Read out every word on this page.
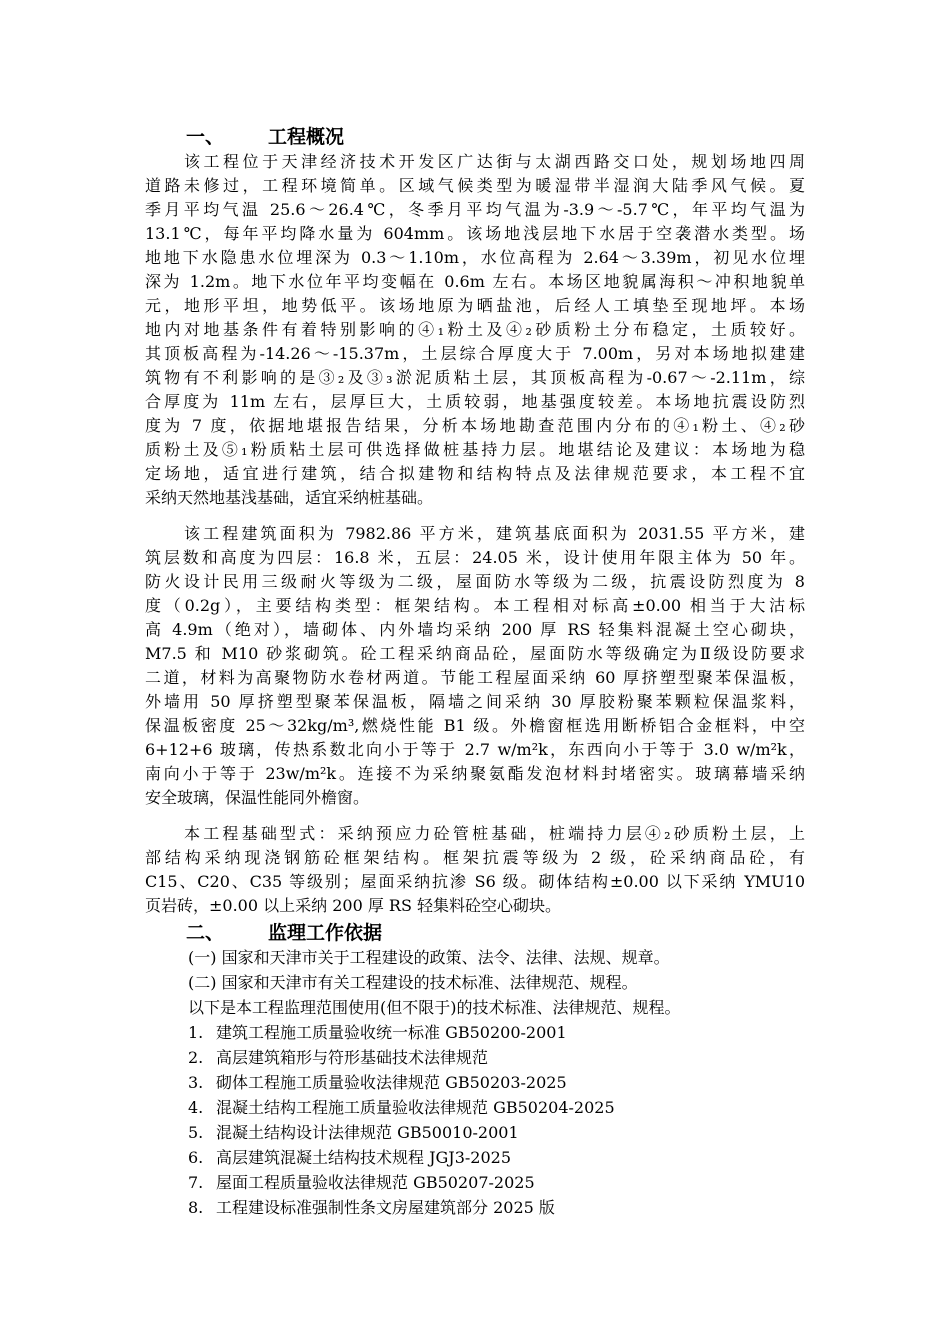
一、 工程概况
该工程位于天津经济技术开发区广达街与太湖西路交口处，规划场地四周
道路未修过，工程环境简单。区域气候类型为暖湿带半湿润大陆季风气候。夏
季月平均气温 25.6～26.4℃，冬季月平均气温为-3.9～-5.7℃，年平均气温为
13.1℃，每年平均降水量为 604mm。该场地浅层地下水居于空袭潜水类型。场
地地下水隐患水位埋深为 0.3～1.10m，水位高程为 2.64～3.39m，初见水位埋
深为 1.2m。地下水位年平均变幅在 0.6m 左右。本场区地貌属海积～冲积地貌单
元，地形平坦，地势低平。该场地原为晒盐池，后经人工填垫至现地坪。本场
地内对地基条件有着特别影响的④₁粉土及④₂砂质粉土分布稳定，土质较好。
其顶板高程为-14.26～-15.37m，土层综合厚度大于 7.00m，另对本场地拟建建
筑物有不利影响的是③₂及③₃淤泥质粘土层，其顶板高程为-0.67～-2.11m，综
合厚度为 11m 左右，层厚巨大，土质较弱，地基强度较差。本场地抗震设防烈
度为 7 度，依据地堪报告结果，分析本场地勘查范围内分布的④₁粉土、④₂砂
质粉土及⑤₁粉质粘土层可供选择做桩基持力层。地堪结论及建议：本场地为稳
定场地，适宜进行建筑，结合拟建物和结构特点及法律规范要求，本工程不宜
采纳天然地基浅基础，适宜采纳桩基础。
该工程建筑面积为 7982.86 平方米，建筑基底面积为 2031.55 平方米，建
筑层数和高度为四层：16.8 米，五层：24.05 米，设计使用年限主体为 50 年。
防火设计民用三级耐火等级为二级，屋面防水等级为二级，抗震设防烈度为 8
度（0.2g），主要结构类型：框架结构。本工程相对标高±0.00 相当于大沽标
高 4.9m（绝对），墙砌体、内外墙均采纳 200 厚 RS 轻集料混凝土空心砌块，
M7.5 和 M10 砂浆砌筑。砼工程采纳商品砼，屋面防水等级确定为Ⅱ级设防要求
二道，材料为高聚物防水卷材两道。节能工程屋面采纳 60 厚挤塑型聚苯保温板，
外墙用 50 厚挤塑型聚苯保温板，隔墙之间采纳 30 厚胶粉聚苯颗粒保温浆料，
保温板密度 25～32kg/m³,燃烧性能 B1 级。外檐窗框选用断桥铝合金框料，中空
6+12+6 玻璃，传热系数北向小于等于 2.7 w/m²k，东西向小于等于 3.0 w/m²k，
南向小于等于 23w/m²k。连接不为采纳聚氨酯发泡材料封堵密实。玻璃幕墙采纳
安全玻璃，保温性能同外檐窗。
本工程基础型式：采纳预应力砼管桩基础，桩端持力层④₂砂质粉土层，上
部结构采纳现浇钢筋砼框架结构。框架抗震等级为 2 级，砼采纳商品砼，有
C15、C20、C35 等级别；屋面采纳抗渗 S6 级。砌体结构±0.00 以下采纳 YMU10
页岩砖，±0.00 以上采纳 200 厚 RS 轻集料砼空心砌块。
二、 监理工作依据
(一) 国家和天津市关于工程建设的政策、法令、法律、法规、规章。
(二) 国家和天津市有关工程建设的技术标准、法律规范、规程。
以下是本工程监理范围使用(但不限于)的技术标准、法律规范、规程。
1. 建筑工程施工质量验收统一标准 GB50200-2001
2. 高层建筑箱形与符形基础技术法律规范
3. 砌体工程施工质量验收法律规范 GB50203-2025
4. 混凝土结构工程施工质量验收法律规范 GB50204-2025
5. 混凝土结构设计法律规范 GB50010-2001
6. 高层建筑混凝土结构技术规程 JGJ3-2025
7. 屋面工程质量验收法律规范 GB50207-2025
8. 工程建设标准强制性条文房屋建筑部分 2025 版
